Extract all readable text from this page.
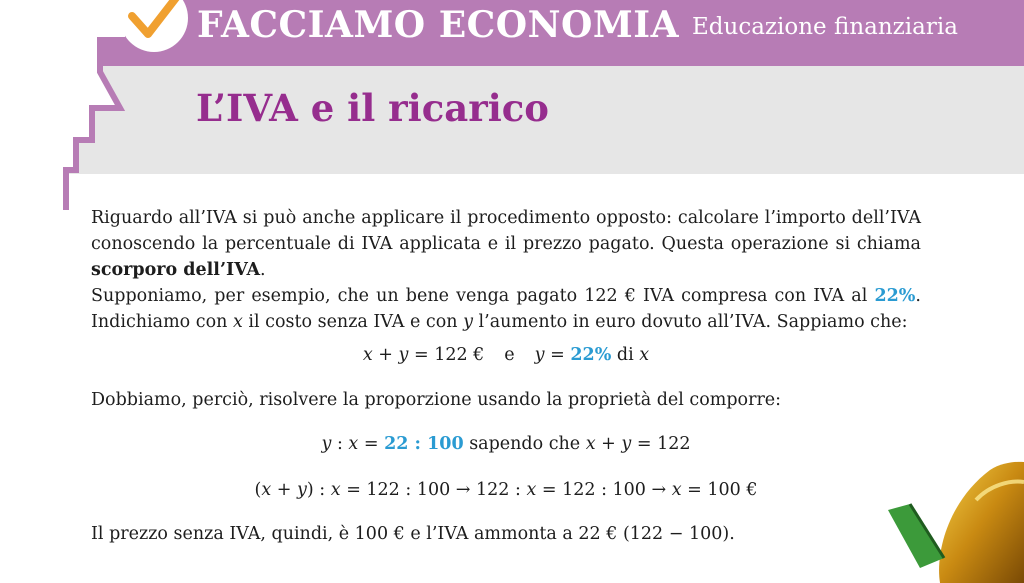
FACCIAMO ECONOMIA Educazione finanziaria
L’IVA e il ricarico

Riguardo all’IVA si può anche applicare il procedimento opposto: calcolare l’importo dell’IVA conoscendo la percentuale di IVA applicata e il prezzo pagato. Questa operazione si chiama scorporo dell’IVA.

Supponiamo, per esempio, che un bene venga pagato 122 € IVA compresa con IVA al 22%. Indichiamo con x il costo senza IVA e con y l’aumento in euro dovuto all’IVA. Sappiamo che:

x + y = 122 € e y = 22% di x

Dobbiamo, perciò, risolvere la proporzione usando la proprietà del comporre:

y : x = 22 : 100 sapendo che x + y = 122

(x + y) : x = 122 : 100 → 122 : x = 122 : 100 → x = 100 €

Il prezzo senza IVA, quindi, è 100 € e l’IVA ammonta a 22 € (122 − 100).
